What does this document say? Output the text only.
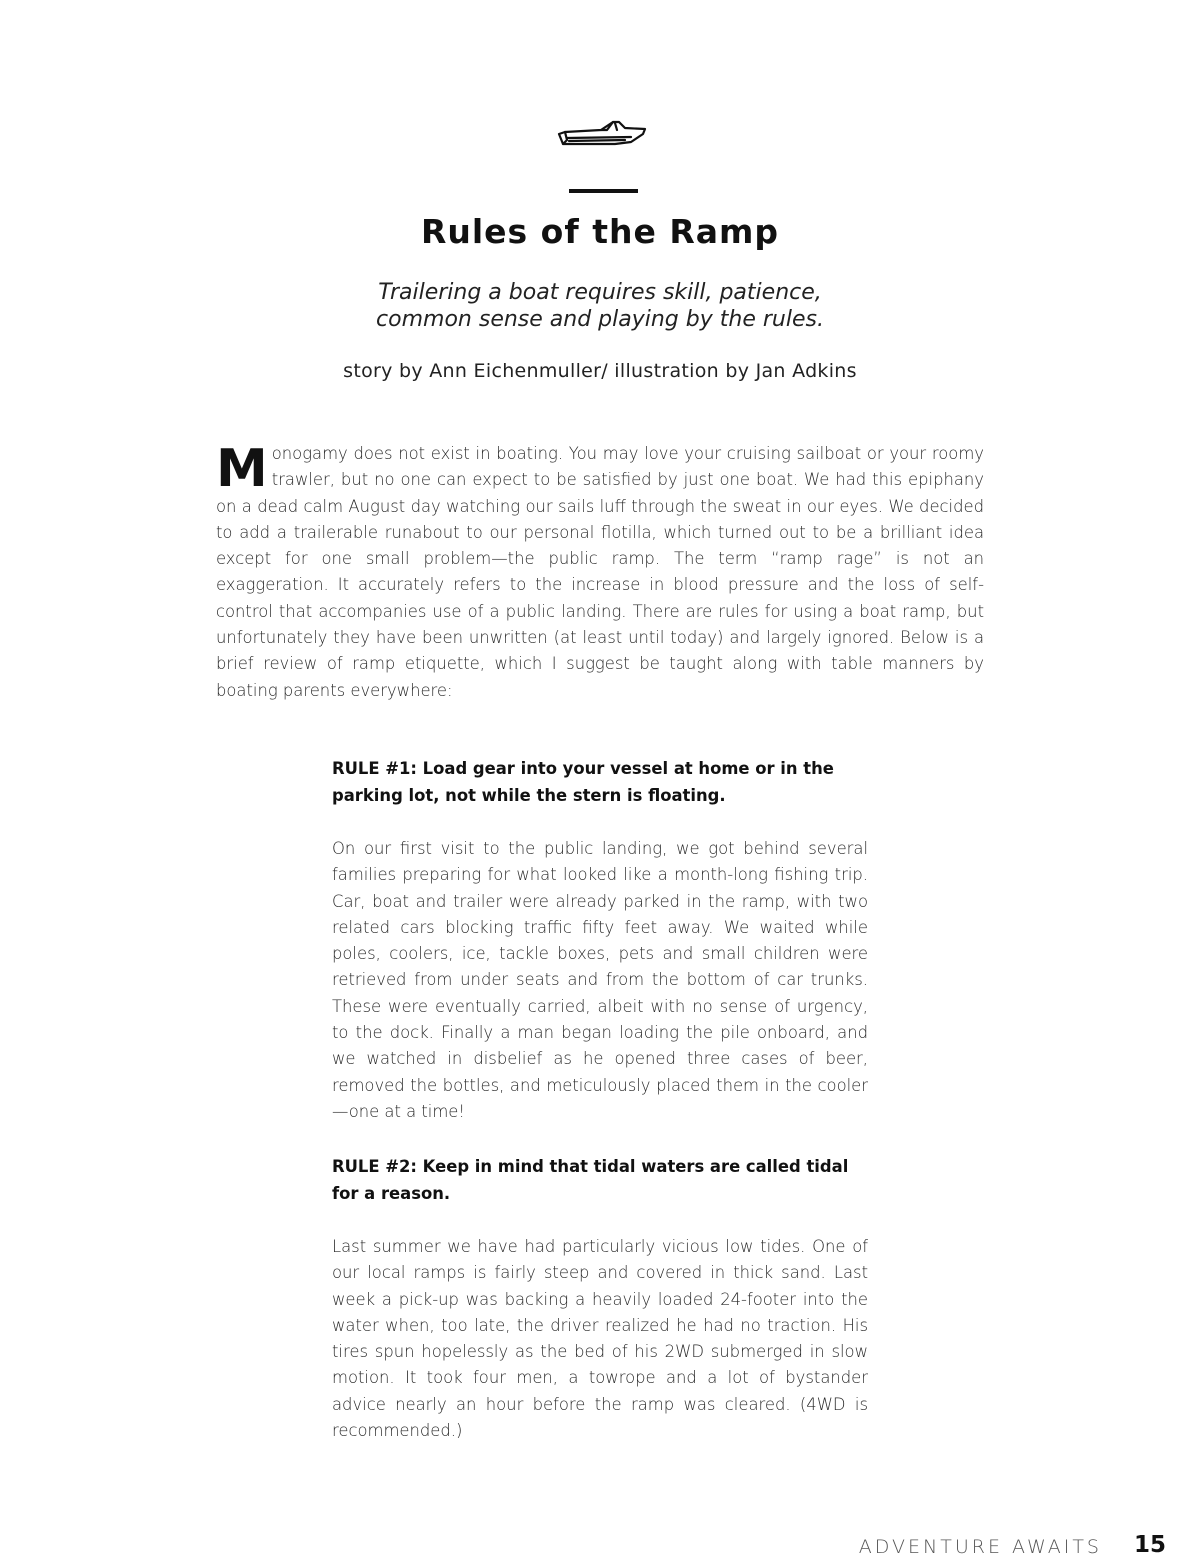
Rules of the Ramp
Trailering a boat requires skill, patience,
common sense and playing by the rules.
story by Ann Eichenmuller/ illustration by Jan Adkins
Monogamy does not exist in boating. You may love your cruising sailboat or your roomy trawler, but no one can expect to be satisfied by just one boat. We had this epiphany on a dead calm August day watching our sails luff through the sweat in our eyes. We decided to add a trailerable runabout to our personal flotilla, which turned out to be a brilliant idea except for one small problem—the public ramp. The term “ramp rage” is not an exaggeration. It accurately refers to the increase in blood pressure and the loss of self-control that accompanies use of a public landing. There are rules for using a boat ramp, but unfortunately they have been unwritten (at least until today) and largely ignored. Below is a brief review of ramp etiquette, which I suggest be taught along with table manners by boating parents everywhere:
RULE #1: Load gear into your vessel at home or in the parking lot, not while the stern is floating.
On our first visit to the public landing, we got behind several families preparing for what looked like a month-long fishing trip. Car, boat and trailer were already parked in the ramp, with two related cars blocking traffic fifty feet away. We waited while poles, coolers, ice, tackle boxes, pets and small children were retrieved from under seats and from the bottom of car trunks. These were eventually carried, albeit with no sense of urgency, to the dock. Finally a man began loading the pile onboard, and we watched in disbelief as he opened three cases of beer, removed the bottles, and meticulously placed them in the cooler—one at a time!
RULE #2: Keep in mind that tidal waters are called tidal for a reason.
Last summer we have had particularly vicious low tides. One of our local ramps is fairly steep and covered in thick sand. Last week a pick-up was backing a heavily loaded 24-footer into the water when, too late, the driver realized he had no traction. His tires spun hopelessly as the bed of his 2WD submerged in slow motion. It took four men, a towrope and a lot of bystander advice nearly an hour before the ramp was cleared. (4WD is recommended.)
ADVENTURE AWAITS 15
